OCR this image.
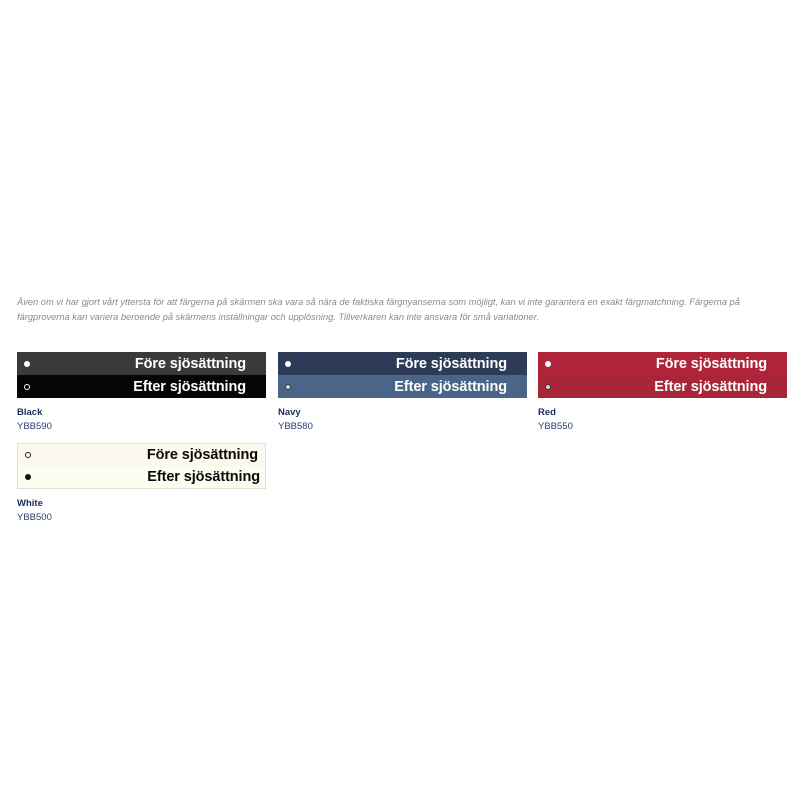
Även om vi har gjort vårt yttersta för att färgerna på skärmen ska vara så nära de faktiska färgnyanserna som möjligt, kan vi inte garantera en exakt färgmatchning. Färgerna på färgproverna kan variera beroende på skärmens inställningar och upplösning. Tillverkaren kan inte ansvara för små variationer.

Före sjösättning
Efter sjösättning
Black
YBB590
Före sjösättning
Efter sjösättning
Navy
YBB580
Före sjösättning
Efter sjösättning
Red
YBB550
Före sjösättning
Efter sjösättning
White
YBB500
